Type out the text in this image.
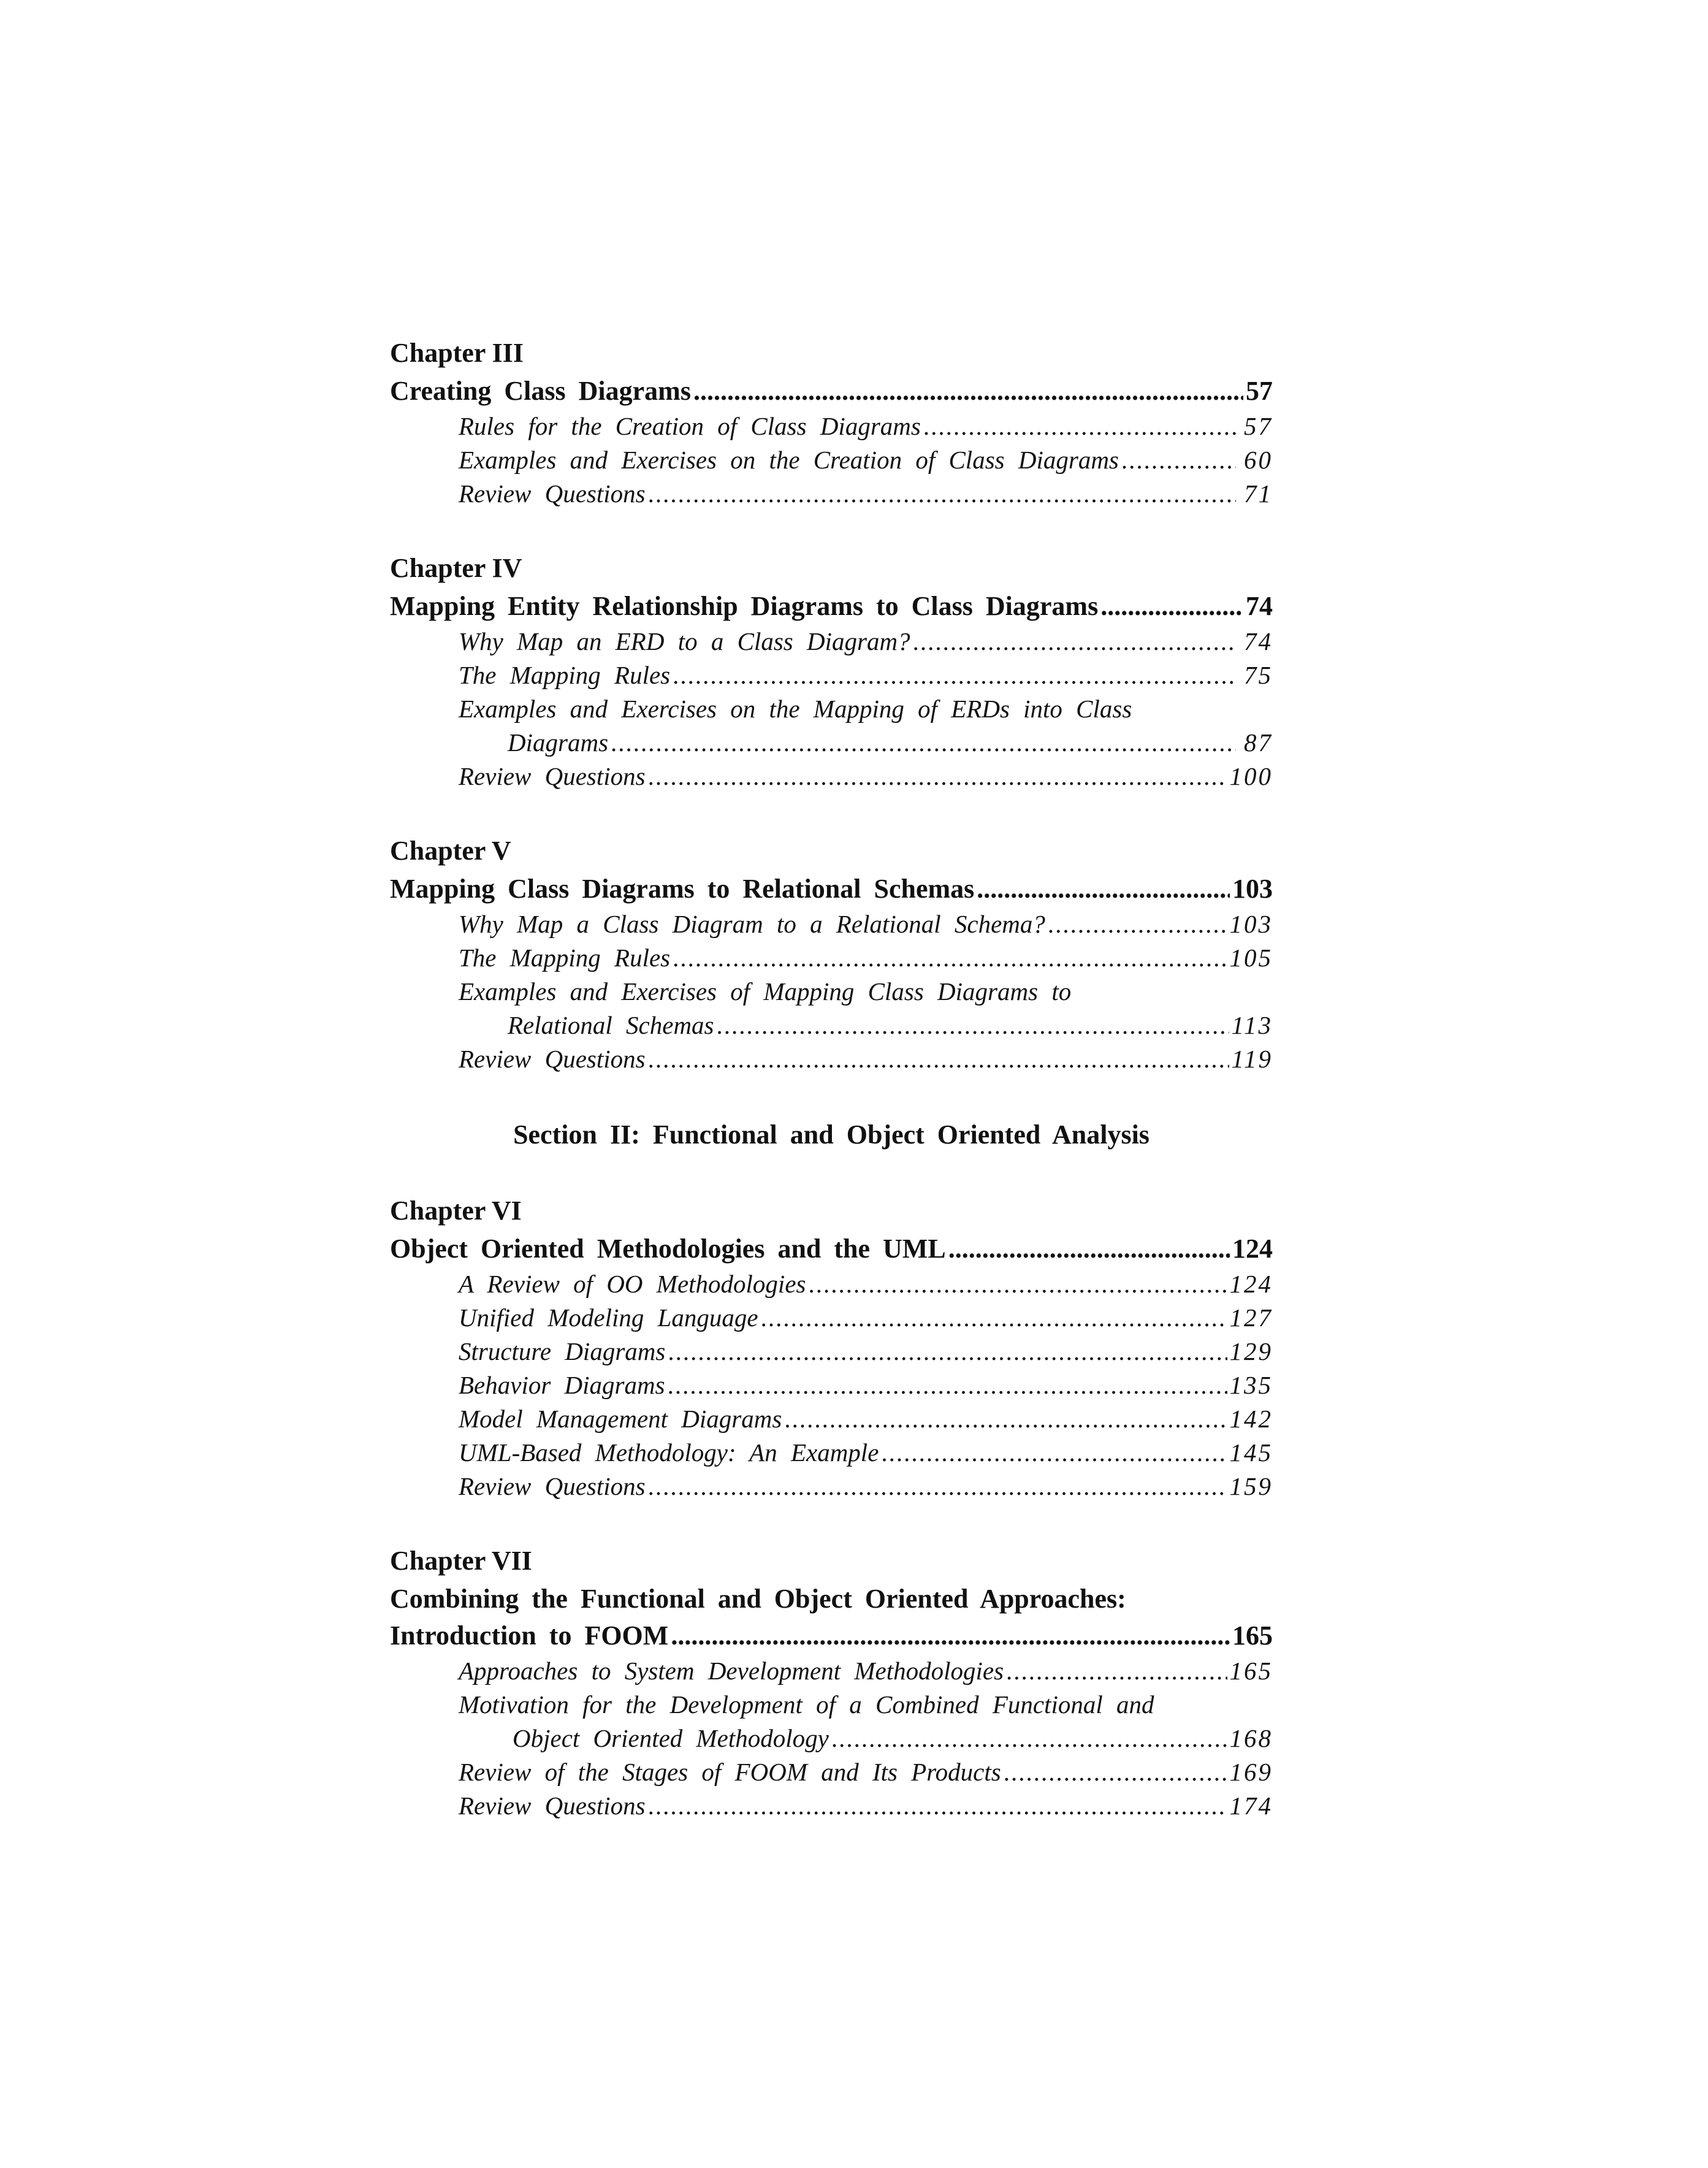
Chapter III
Creating Class Diagrams .....	57
Rules for the Creation of Class Diagrams .....	57
Examples and Exercises on the Creation of Class Diagrams .....	60
Review Questions .....	71
Chapter IV
Mapping Entity Relationship Diagrams to Class Diagrams .....	74
Why Map an ERD to a Class Diagram? .....	74
The Mapping Rules .....	75
Examples and Exercises on the Mapping of ERDs into Class
Diagrams .....	87
Review Questions .....	100
Chapter V
Mapping Class Diagrams to Relational Schemas .....	103
Why Map a Class Diagram to a Relational Schema? .....	103
The Mapping Rules .....	105
Examples and Exercises of Mapping Class Diagrams to
Relational Schemas .....	113
Review Questions .....	119
Section II: Functional and Object Oriented Analysis
Chapter VI
Object Oriented Methodologies and the UML .....	124
A Review of OO Methodologies .....	124
Unified Modeling Language .....	127
Structure Diagrams .....	129
Behavior Diagrams .....	135
Model Management Diagrams .....	142
UML-Based Methodology: An Example .....	145
Review Questions .....	159
Chapter VII
Combining the Functional and Object Oriented Approaches:
Introduction to FOOM .....	165
Approaches to System Development Methodologies .....	165
Motivation for the Development of a Combined Functional and
Object Oriented Methodology .....	168
Review of the Stages of FOOM and Its Products .....	169
Review Questions .....	174
